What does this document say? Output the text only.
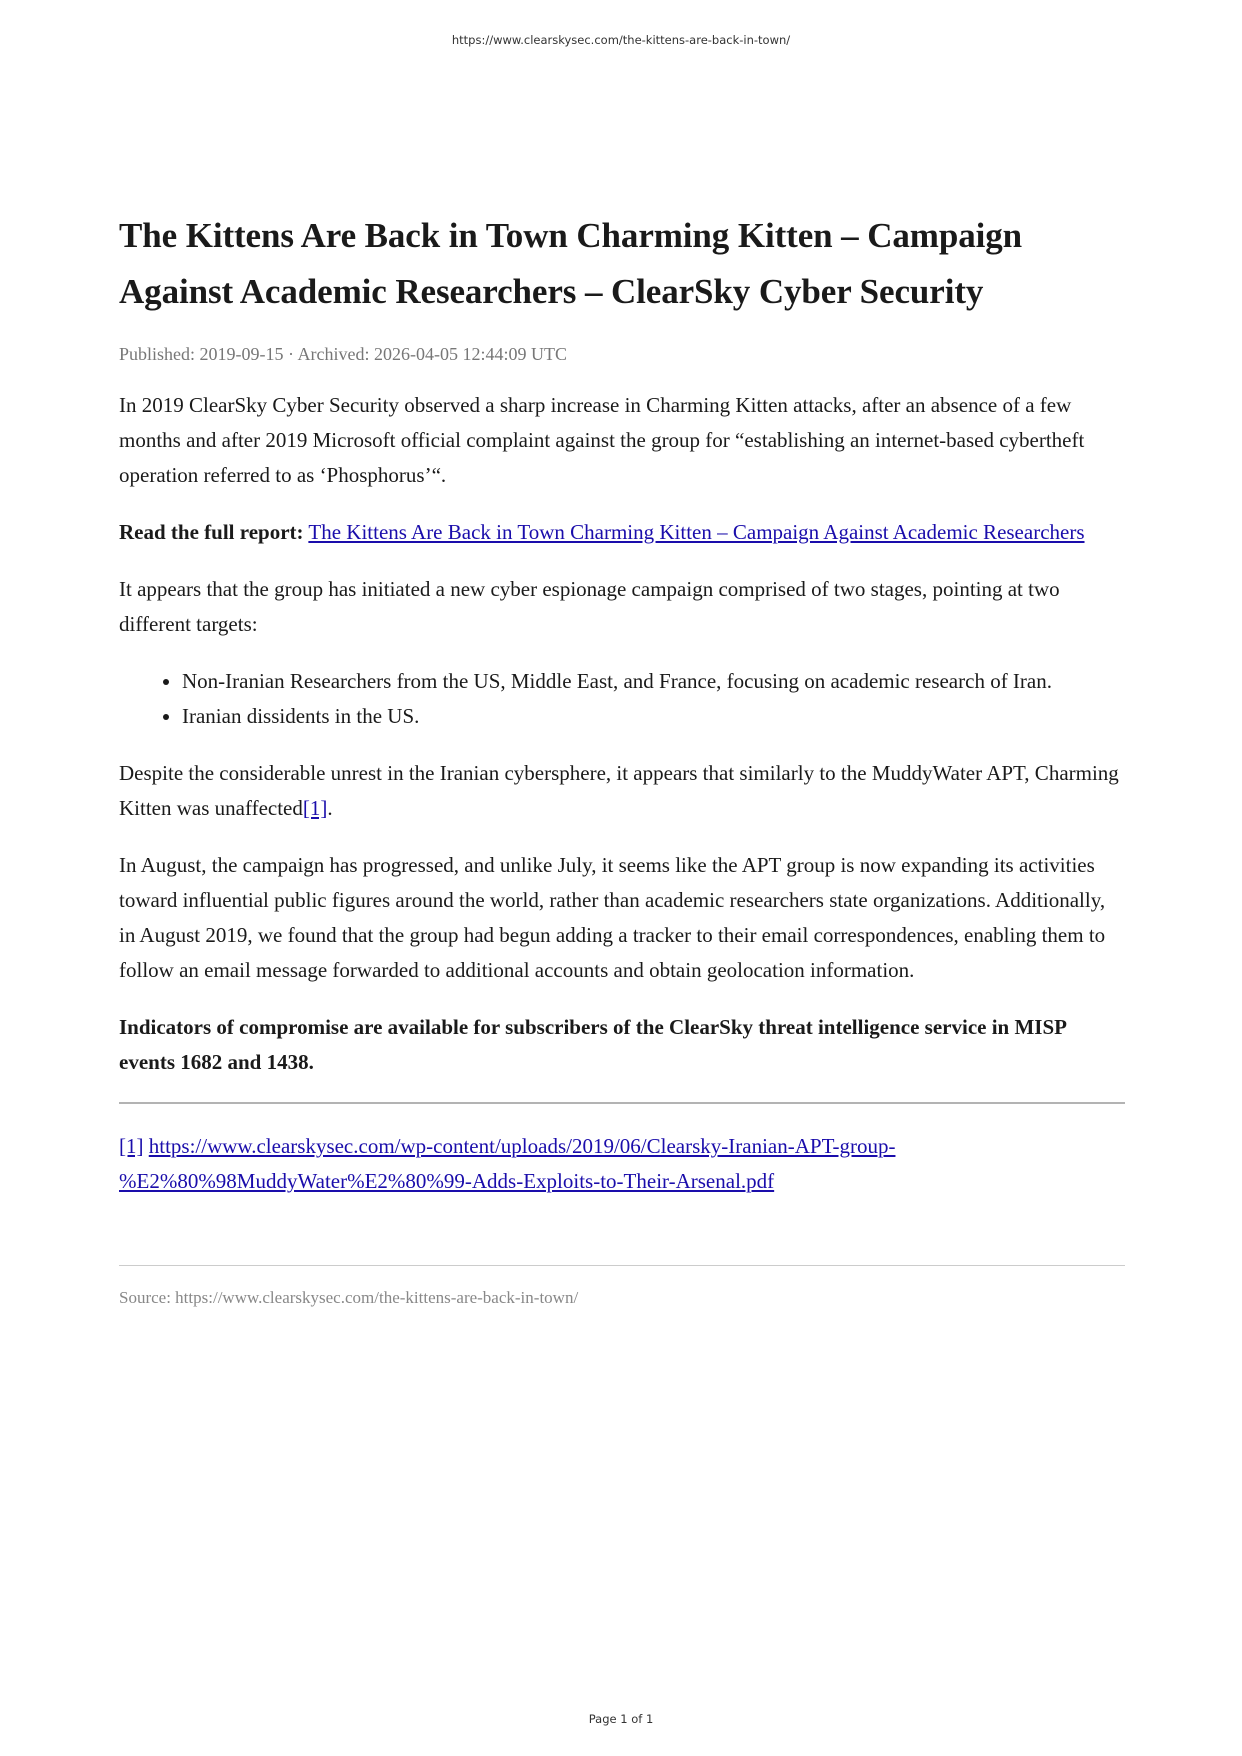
https://www.clearskysec.com/the-kittens-are-back-in-town/
The Kittens Are Back in Town Charming Kitten – Campaign Against Academic Researchers – ClearSky Cyber Security
Published: 2019-09-15 · Archived: 2026-04-05 12:44:09 UTC

In 2019 ClearSky Cyber Security observed a sharp increase in Charming Kitten attacks, after an absence of a few months and after 2019 Microsoft official complaint against the group for “establishing an internet-based cybertheft operation referred to as ‘Phosphorus’“.

Read the full report: The Kittens Are Back in Town Charming Kitten – Campaign Against Academic Researchers

It appears that the group has initiated a new cyber espionage campaign comprised of two stages, pointing at two different targets:

• Non-Iranian Researchers from the US, Middle East, and France, focusing on academic research of Iran.
• Iranian dissidents in the US.

Despite the considerable unrest in the Iranian cybersphere, it appears that similarly to the MuddyWater APT, Charming Kitten was unaffected[1].

In August, the campaign has progressed, and unlike July, it seems like the APT group is now expanding its activities toward influential public figures around the world, rather than academic researchers state organizations. Additionally, in August 2019, we found that the group had begun adding a tracker to their email correspondences, enabling them to follow an email message forwarded to additional accounts and obtain geolocation information.

Indicators of compromise are available for subscribers of the ClearSky threat intelligence service in MISP events 1682 and 1438.

[1] https://www.clearskysec.com/wp-content/uploads/2019/06/Clearsky-Iranian-APT-group-%E2%80%98MuddyWater%E2%80%99-Adds-Exploits-to-Their-Arsenal.pdf

Source: https://www.clearskysec.com/the-kittens-are-back-in-town/
Page 1 of 1
